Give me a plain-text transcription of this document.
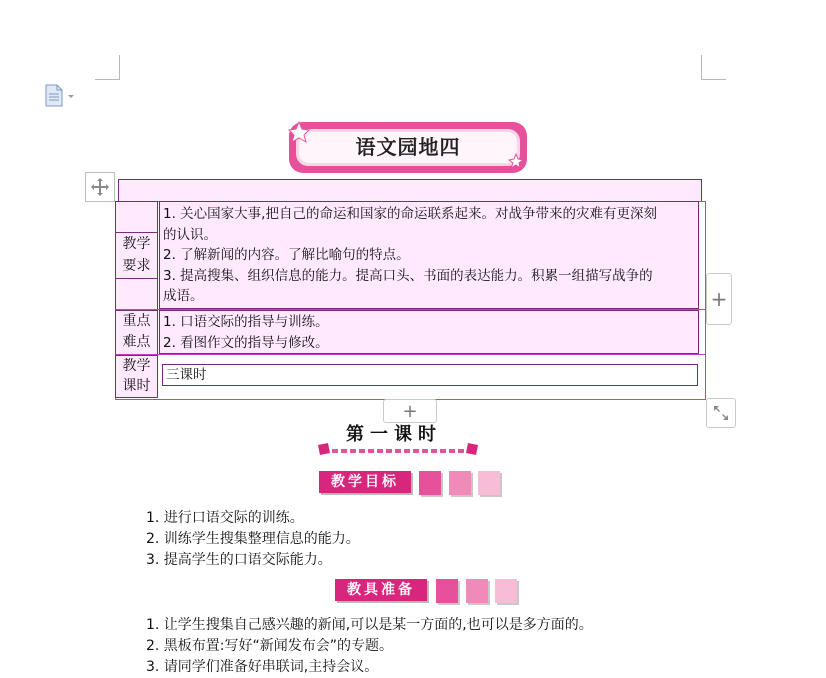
语文园地四
教学
要求
1. 关心国家大事,把自己的命运和国家的命运联系起来。对战争带来的灾难有更深刻
的认识。
2. 了解新闻的内容。了解比喻句的特点。
3. 提高搜集、组织信息的能力。提高口头、书面的表达能力。积累一组描写战争的
成语。
重点
难点
1. 口语交际的指导与训练。
2. 看图作文的指导与修改。
教学
课时
三课时
+
+
第一课时
教学目标
1. 进行口语交际的训练。
2. 训练学生搜集整理信息的能力。
3. 提高学生的口语交际能力。
教具准备
1. 让学生搜集自己感兴趣的新闻,可以是某一方面的,也可以是多方面的。
2. 黑板布置:写好“新闻发布会”的专题。
3. 请同学们准备好串联词,主持会议。
